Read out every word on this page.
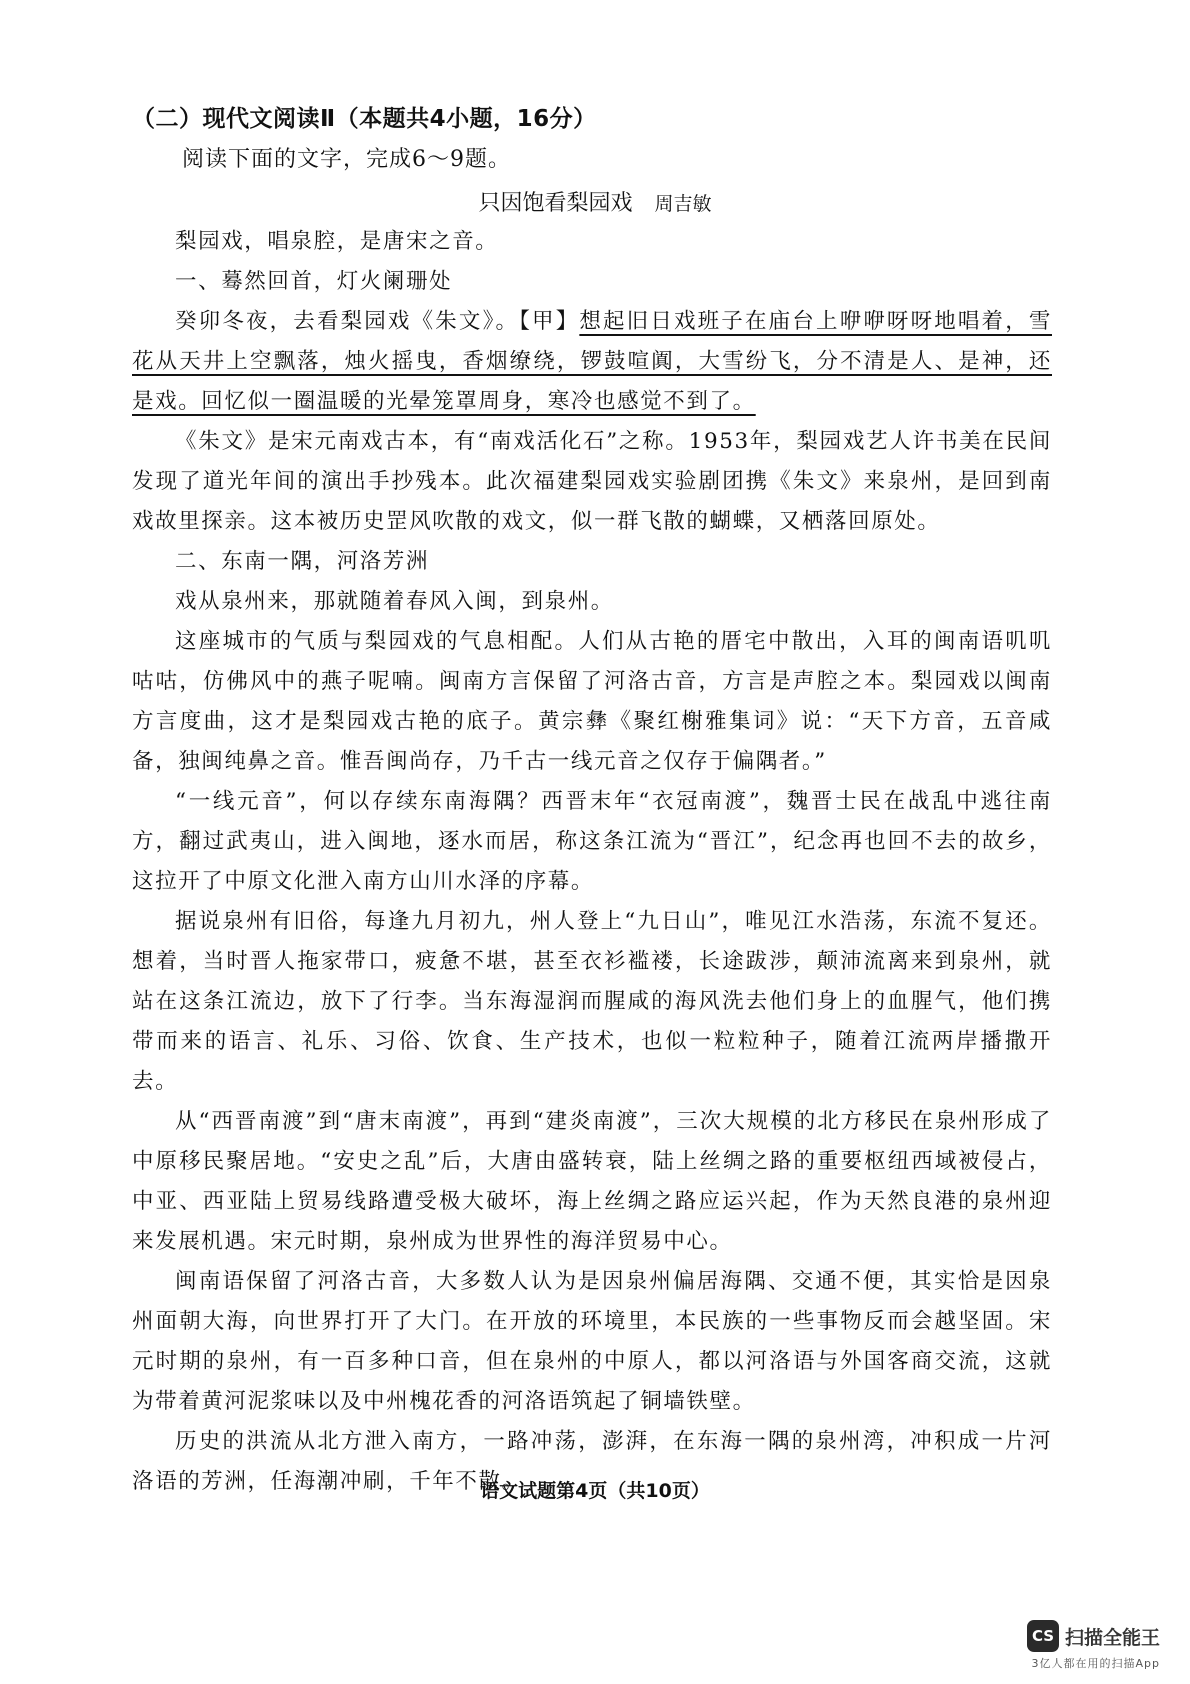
（二）现代文阅读Ⅱ（本题共4小题，16分）
阅读下面的文字，完成6～9题。
只因饱看梨园戏 周吉敏

梨园戏，唱泉腔，是唐宋之音。

一、蓦然回首，灯火阑珊处

癸卯冬夜，去看梨园戏《朱文》。【甲】想起旧日戏班子在庙台上咿咿呀呀地唱着，雪花从天井上空飘落，烛火摇曳，香烟缭绕，锣鼓喧阗，大雪纷飞，分不清是人、是神，还是戏。回忆似一圈温暖的光晕笼罩周身，寒冷也感觉不到了。

《朱文》是宋元南戏古本，有“南戏活化石”之称。1953年，梨园戏艺人许书美在民间发现了道光年间的演出手抄残本。此次福建梨园戏实验剧团携《朱文》来泉州，是回到南戏故里探亲。这本被历史罡风吹散的戏文，似一群飞散的蝴蝶，又栖落回原处。

二、东南一隅，河洛芳洲

戏从泉州来，那就随着春风入闽，到泉州。

这座城市的气质与梨园戏的气息相配。人们从古艳的厝宅中散出，入耳的闽南语叽叽咕咕，仿佛风中的燕子呢喃。闽南方言保留了河洛古音，方言是声腔之本。梨园戏以闽南方言度曲，这才是梨园戏古艳的底子。黄宗彝《聚红榭雅集词》说：“天下方音，五音咸备，独闽纯鼻之音。惟吾闽尚存，乃千古一线元音之仅存于偏隅者。”

“一线元音”，何以存续东南海隅？西晋末年“衣冠南渡”，魏晋士民在战乱中逃往南方，翻过武夷山，进入闽地，逐水而居，称这条江流为“晋江”，纪念再也回不去的故乡，这拉开了中原文化泄入南方山川水泽的序幕。

据说泉州有旧俗，每逢九月初九，州人登上“九日山”，唯见江水浩荡，东流不复还。想着，当时晋人拖家带口，疲惫不堪，甚至衣衫褴褛，长途跋涉，颠沛流离来到泉州，就站在这条江流边，放下了行李。当东海湿润而腥咸的海风洗去他们身上的血腥气，他们携带而来的语言、礼乐、习俗、饮食、生产技术，也似一粒粒种子，随着江流两岸播撒开去。

从“西晋南渡”到“唐末南渡”，再到“建炎南渡”，三次大规模的北方移民在泉州形成了中原移民聚居地。“安史之乱”后，大唐由盛转衰，陆上丝绸之路的重要枢纽西域被侵占，中亚、西亚陆上贸易线路遭受极大破坏，海上丝绸之路应运兴起，作为天然良港的泉州迎来发展机遇。宋元时期，泉州成为世界性的海洋贸易中心。

闽南语保留了河洛古音，大多数人认为是因泉州偏居海隅、交通不便，其实恰是因泉州面朝大海，向世界打开了大门。在开放的环境里，本民族的一些事物反而会越坚固。宋元时期的泉州，有一百多种口音，但在泉州的中原人，都以河洛语与外国客商交流，这就为带着黄河泥浆味以及中州槐花香的河洛语筑起了铜墙铁壁。

历史的洪流从北方泄入南方，一路冲荡，澎湃，在东海一隅的泉州湾，冲积成一片河洛语的芳洲，任海潮冲刷，千年不散。

语文试题第4页（共10页）
CS 扫描全能王
3亿人都在用的扫描App
